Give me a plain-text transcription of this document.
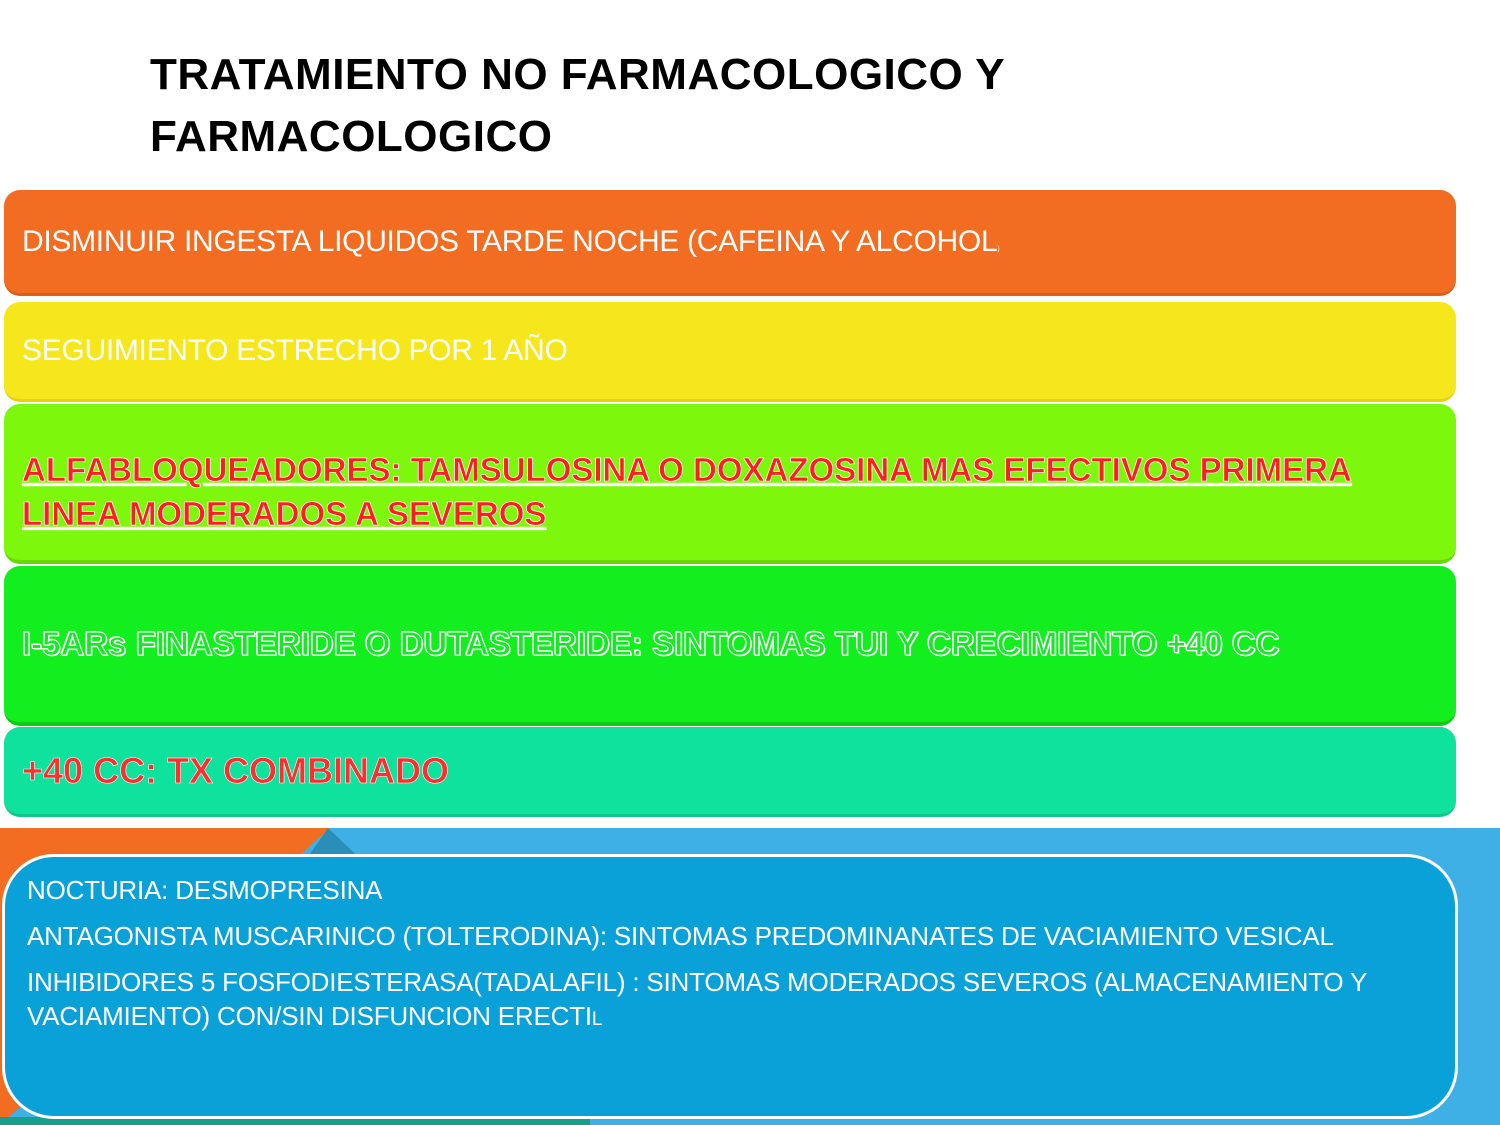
TRATAMIENTO NO FARMACOLOGICO Y
FARMACOLOGICO
DISMINUIR INGESTA LIQUIDOS TARDE NOCHE (CAFEINA Y ALCOHOL)
SEGUIMIENTO ESTRECHO POR 1 AÑO
ALFABLOQUEADORES: TAMSULOSINA O DOXAZOSINA MAS EFECTIVOS PRIMERA
LINEA MODERADOS A SEVEROS
I-5ARs FINASTERIDE O DUTASTERIDE: SINTOMAS TUI Y CRECIMIENTO +40 CC
+40 CC: TX COMBINADO

NOCTURIA: DESMOPRESINA

ANTAGONISTA MUSCARINICO (TOLTERODINA): SINTOMAS PREDOMINANATES DE VACIAMIENTO VESICAL

INHIBIDORES 5 FOSFODIESTERASA(TADALAFIL) : SINTOMAS MODERADOS SEVEROS (ALMACENAMIENTO Y VACIAMIENTO) CON/SIN DISFUNCION ERECTIL
